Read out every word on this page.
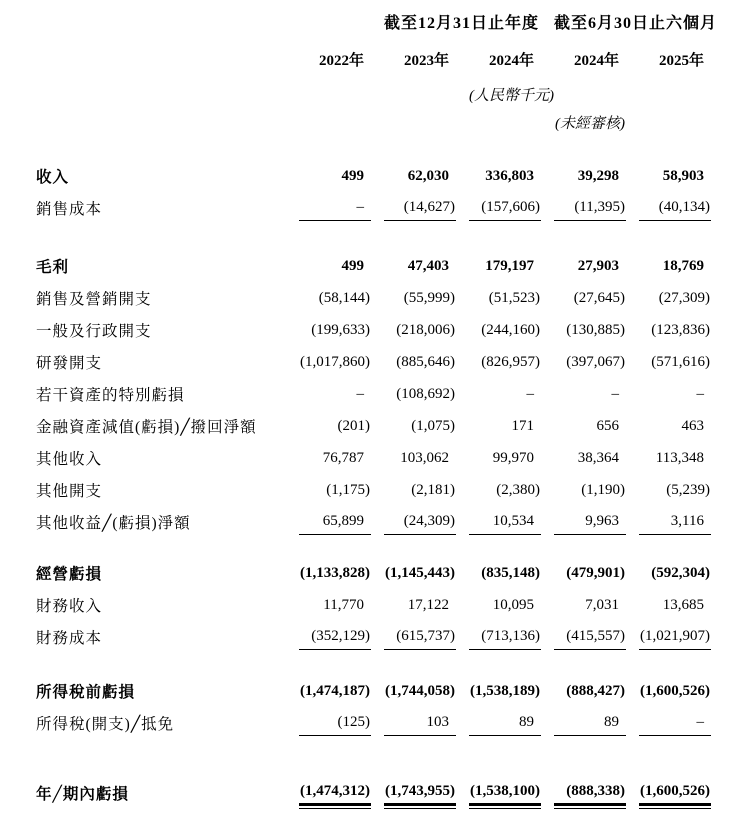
截至12月31日止年度 截至6月30日止六個月
2022年	2023年	2024年	2024年	2025年
(人民幣千元)
(未經審核)
收入	499	62,030	336,803	39,298	58,903
銷售成本	–	(14,627)	(157,606)	(11,395)	(40,134)
毛利	499	47,403	179,197	27,903	18,769
銷售及營銷開支	(58,144)	(55,999)	(51,523)	(27,645)	(27,309)
一般及行政開支	(199,633)	(218,006)	(244,160)	(130,885)	(123,836)
研發開支	(1,017,860)	(885,646)	(826,957)	(397,067)	(571,616)
若干資產的特別虧損	–	(108,692)	–	–	–
金融資產減值(虧損)╱撥回淨額	(201)	(1,075)	171	656	463
其他收入	76,787	103,062	99,970	38,364	113,348
其他開支	(1,175)	(2,181)	(2,380)	(1,190)	(5,239)
其他收益╱(虧損)淨額	65,899	(24,309)	10,534	9,963	3,116
經營虧損	(1,133,828) (1,145,443)	(835,148)	(479,901)	(592,304)
財務收入	11,770	17,122	10,095	7,031	13,685
財務成本	(352,129)	(615,737)	(713,136)	(415,557) (1,021,907)
所得稅前虧損	(1,474,187) (1,744,058) (1,538,189)	(888,427) (1,600,526)
所得稅(開支)╱抵免	(125)	103	89	89	–
年╱期內虧損	(1,474,312) (1,743,955) (1,538,100)	(888,338) (1,600,526)
